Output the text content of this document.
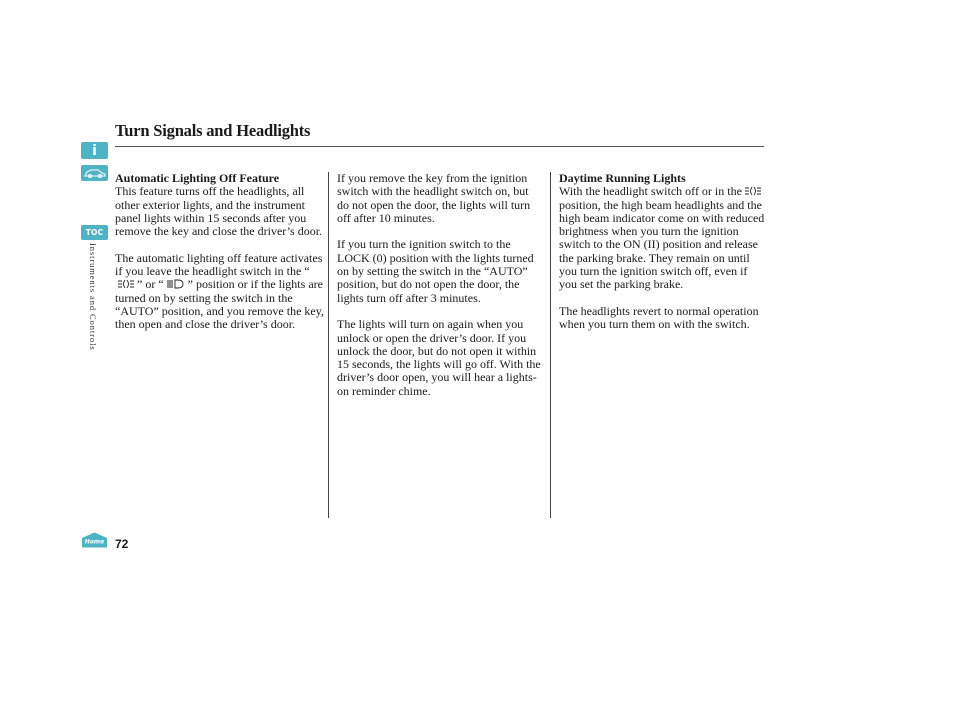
Turn Signals and Headlights
i
TOC
Instruments and Controls

Automatic Lighting Off Feature
This feature turns off the headlights, all other exterior lights, and the instrument panel lights within 15 seconds after you remove the key and close the driver’s door.

The automatic lighting off feature activates if you leave the headlight switch in the “” or “ ” position or if the lights are turned on by setting the switch in the “AUTO” position, and you remove the key, then open and close the driver’s door.

If you remove the key from the ignition switch with the headlight switch on, but do not open the door, the lights will turn off after 10 minutes.

If you turn the ignition switch to the LOCK (0) position with the lights turned on by setting the switch in the “AUTO” position, but do not open the door, the lights turn off after 3 minutes.

The lights will turn on again when you unlock or open the driver’s door. If you unlock the door, but do not open it within 15 seconds, the lights will go off. With the driver’s door open, you will hear a lights-on reminder chime.

Daytime Running Lights
With the headlight switch off or in theposition, the high beam headlights and the high beam indicator come on with reduced brightness when you turn the ignition switch to the ON (II) position and release the parking brake. They remain on until you turn the ignition switch off, even if you set the parking brake.

The headlights revert to normal operation when you turn them on with the switch.

Home 72
